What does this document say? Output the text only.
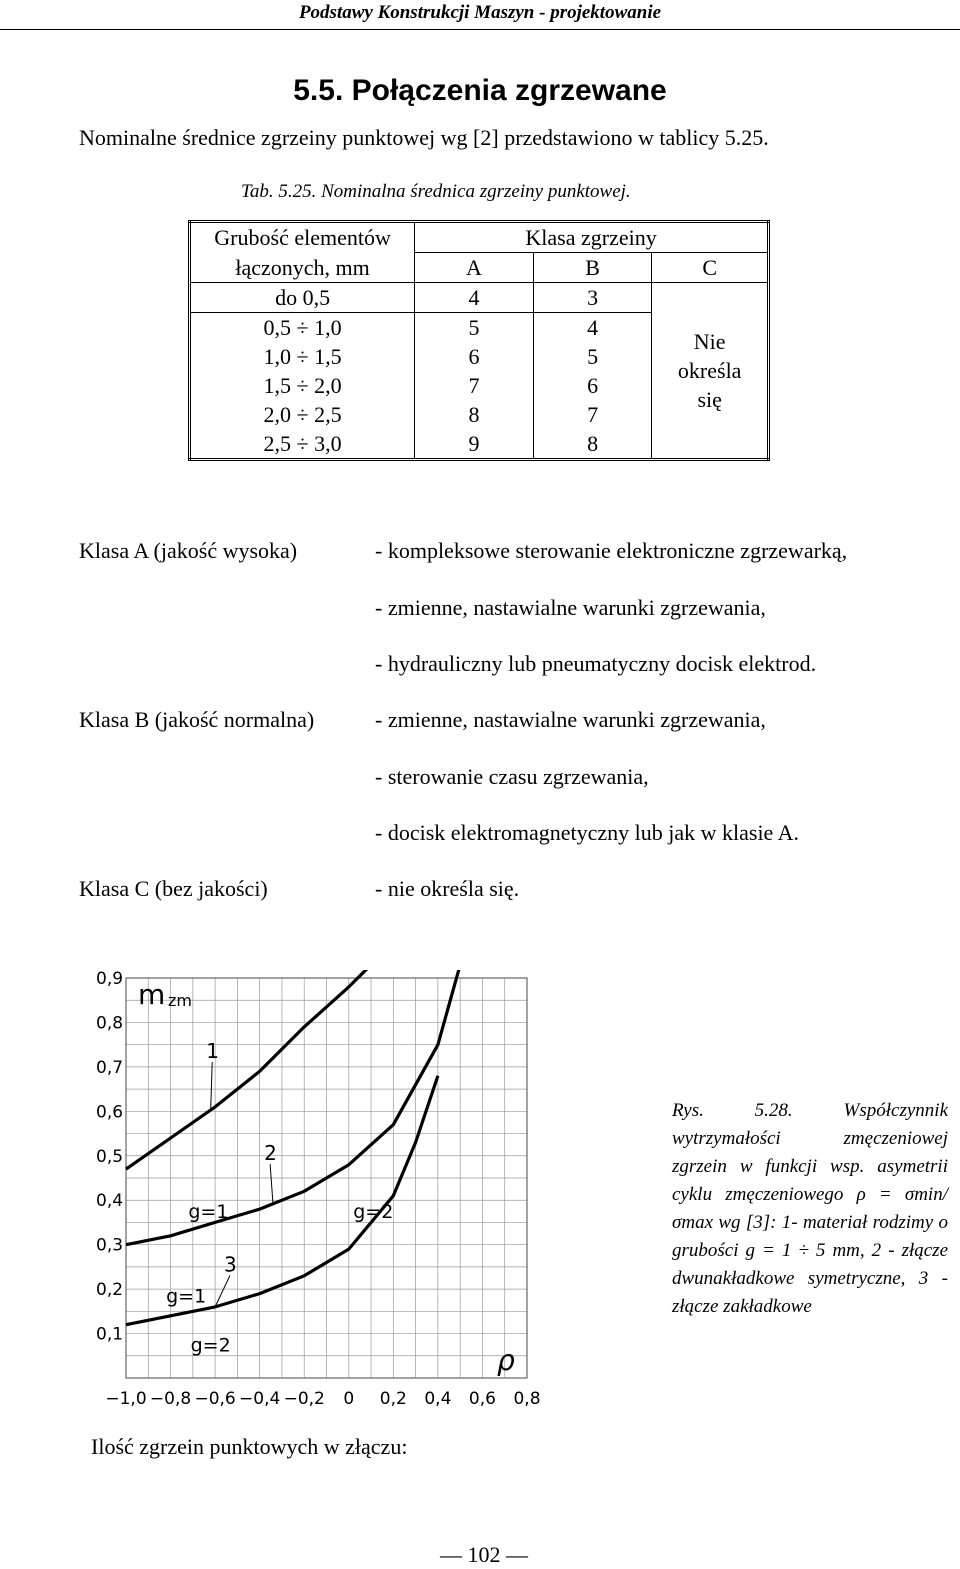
Podstawy Konstrukcji Maszyn - projektowanie
5.5. Połączenia zgrzewane
Nominalne średnice zgrzeiny punktowej wg [2] przedstawiono w tablicy 5.25.
Tab. 5.25. Nominalna średnica zgrzeiny punktowej.
Grubość elementów	Klasa zgrzeiny		
łączonych, mm	A	B	C
do 0,5	4	3	Nie
określa
się
0,5 ÷ 1,0	5	4	
1,0 ÷ 1,5	6	5	
1,5 ÷ 2,0	7	6	
2,0 ÷ 2,5	8	7	
2,5 ÷ 3,0	9	8	
Klasa A (jakość wysoka)	- kompleksowe sterowanie elektroniczne zgrzewarką,
- zmienne, nastawialne warunki zgrzewania,
- hydrauliczny lub pneumatyczny docisk elektrod.
Klasa B (jakość normalna)	- zmienne, nastawialne warunki zgrzewania,
- sterowanie czasu zgrzewania,
- docisk elektromagnetyczny lub jak w klasie A.
Klasa C (bez jakości)	- nie określa się.
0,9
0,8
0,7
0,6
0,5
0,4
0,3
0,2
0,1
−1,0 −0,8 −0,6 −0,4 −0,2 0 0,2 0,4 0,6 0,8
m zm
ρ
1
2
3
g=1	g=2
g=1
g=2
Rys. 5.28. Współczynnik wytrzymałości zmęczeniowej zgrzein w funkcji wsp. asymetrii cyklu zmęczeniowego ρ = σmin/σmax wg [3]: 1- materiał rodzimy o grubości g = 1 ÷ 5 mm, 2 - złącze dwunakładkowe symetryczne, 3 - złącze zakładkowe
Ilość zgrzein punktowych w złączu:
— 102 —
